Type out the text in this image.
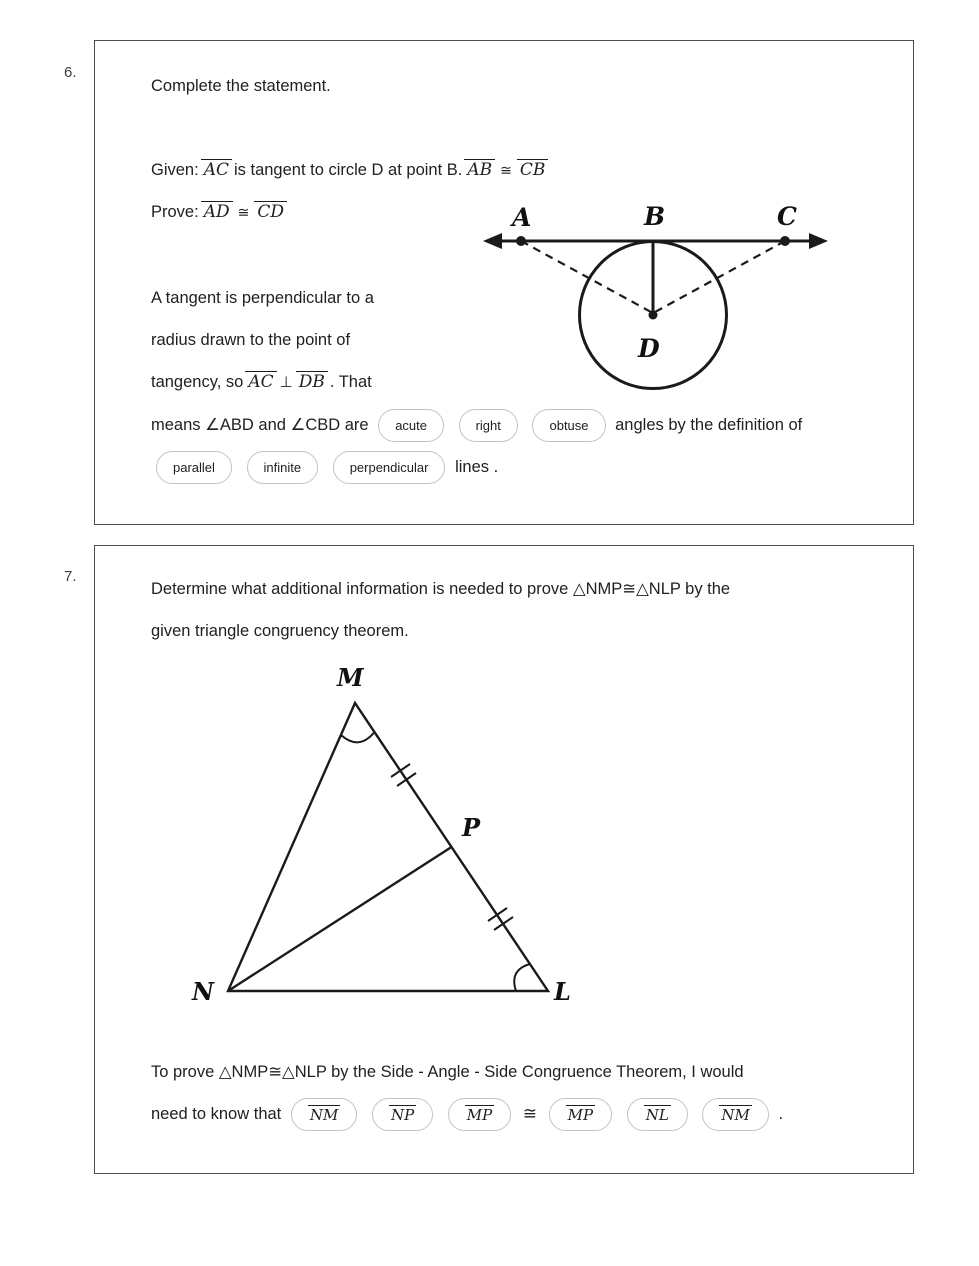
6.
Complete the statement.
Given: AC is tangent to circle D at point B. AB ≅ CB
Prove: AD ≅ CD	A	B	C
D
A tangent is perpendicular to a
radius drawn to the point of
tangency, so AC ⊥ DB . That
means ∠ABD and ∠CBD are acute	right	obtuse angles by the definition of
parallel	infinite	perpendicular lines .
7.
Determine what additional information is needed to prove △NMP≅△NLP by the
given triangle congruency theorem.
M
N	L
P
To prove △NMP≅△NLP by the Side - Angle - Side Congruence Theorem, I would
need to know that NM
	NP
	MP ≅ MP
	NL
	NM .
